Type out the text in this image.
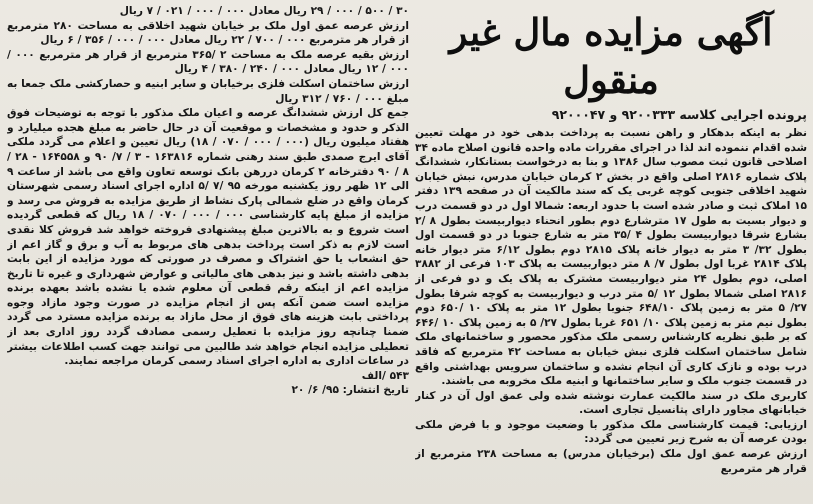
آگهی مزایده مال غیر منقول
پرونده اجرایی کلاسه ۹۲۰۰۳۳۳ و ۹۲۰۰۰۴۷
نظر به اینکه بدهکار و راهن نسبت به پرداخت بدهی خود در مهلت تعیین شده اقدام ننموده اند لذا در اجرای مقررات ماده واحده قانون اصلاح ماده ۳۴ اصلاحی قانون ثبت مصوب سال ۱۳۸۶ و بنا به درخواست بستانکار، ششدانگ پلاک شماره ۲۸۱۶ اصلی واقع در بخش ۲ کرمان خیابان مدرس، نبش خیابان شهید اخلاقی جنوبی کوچه غربی یک که سند مالکیت آن در صفحه ۱۳۹ دفتر ۱۵ املاک ثبت و صادر شده است با حدود اربعه: شمالا اول در دو قسمت درب و دیوار بسیت به طول ۱۷ مترشارع دوم بطور انحناء دیواربیست بطول ۸ /۲ بشارع شرقا دیواربیست بطول ۴ /۳۵ متر به شارع جنوبا در دو قسمت اول بطول ۳۲/ ۳ متر به دیوار خانه پلاک ۲۸۱۵ دوم بطول ۶/۱۲ متر دیوار خانه پلاک ۲۸۱۴ غربا اول بطول ۷/ ۸ متر دیواربیست به پلاک ۱۰۳ فرعی از ۳۸۸۲ اصلی، دوم بطول ۲۴ متر دیواربیست مشترک به پلاک یک و دو فرعی از ۲۸۱۶ اصلی شمالا بطول ۱۲ /۵ متر درب و دیواربیست به کوچه شرقا بطول ۲۷/ ۵ متر به زمین پلاک ۶۴۸/۱۰ جنوبا بطول ۱۲ متر به پلاک ۱۰ /۶۵۰ دوم بطول نیم متر به زمین پلاک ۱۰/ ۶۵۱ غربا بطول ۲۷/ ۵ به زمین پلاک ۱۰ /۶۴۶ که بر طبق نظریه کارشناس رسمی ملک مذکور محصور و ساختمانهای ملک شامل ساختمان اسکلت فلزی نبش خیابان به مساحت ۴۲ مترمربع که فاقد درب بوده و نازک کاری آن انجام نشده و ساختمان سرویس بهداشتی واقع در قسمت جنوب ملک و سایر ساختمانها و ابنیه ملک مخروبه می باشند.
کاربری ملک در سند مالکیت عمارت نوشته شده ولی عمق اول آن در کنار خیابانهای مجاور دارای پتانسیل تجاری است.
ارزیابی: قیمت کارشناسی ملک مذکور با وضعیت موجود و با فرض ملکی بودن عرصه آن به شرح زیر تعیین می گردد:
ارزش عرصه عمق اول ملک (برخیابان مدرس) به مساحت ۲۳۸ مترمربع از قرار هر مترمربع
۳۰ / ۵۰۰ / ۰۰۰ / ۲۹ ریال معادل ۰۰۰ / ۰۰۰ / ۰۲۱ / ۷ ریال
ارزش عرصه عمق اول ملک بر خیابان شهید اخلاقی به مساحت ۲۸۰ مترمربع از قرار هر مترمربع ۰۰۰ / ۷۰۰ / ۲۲ ریال معادل ۰۰۰ / ۰۰۰ / ۳۵۶ / ۶ ریال
ارزش بقیه عرصه ملک به مساحت ۲ /۳۶۵ مترمربع از قرار هر مترمربع ۰۰۰ / ۰۰۰ / ۱۲ ریال معادل ۰۰۰ / ۲۴۰ / ۳۸۰ / ۴ ریال
ارزش ساختمان اسکلت فلزی برخیابان و سایر ابنیه و حصارکشی ملک جمعا به مبلغ ۰۰۰ / ۷۶۰ / ۳۱۲ ریال
جمع کل ارزش ششدانگ عرصه و اعیان ملک مذکور با توجه به توضیحات فوق الذکر و حدود و مشخصات و موقعیت آن در حال حاضر به مبلغ هجده میلیارد و هفتاد میلیون ریال (۰۰۰ / ۰۰۰ / ۰۷۰ / ۱۸) ریال تعیین و اعلام می گردد ملکی آقای ایرج صمدی طبق سند رهنی شماره ۱۶۳۸۱۶ - ۳ / ۷/ ۹۰ و ۱۶۴۵۵۸ - ۲۸ / ۸ / ۹۰ دفترخانه ۲ کرمان دررهن بانک توسعه تعاون واقع می باشد از ساعت ۹ الی ۱۲ ظهر روز یکشنبه مورخه ۹۵ /۷ /۵ اداره اجرای اسناد رسمی شهرستان کرمان واقع در ضلع شمالی پارک نشاط از طریق مزایده به فروش می رسد و مزایده از مبلغ پایه کارشناسی ۰۰۰ / ۰۰۰ / ۰۷۰ / ۱۸ ریال که قطعی گردیده است شروع و به بالاترین مبلغ پیشنهادی فروخته خواهد شد فروش کلا نقدی است لازم به ذکر است پرداخت بدهی های مربوط به آب و برق و گاز اعم از حق انشعاب یا حق اشتراک و مصرف در صورتی که مورد مزایده از این بابت بدهی داشته باشد و نیز بدهی های مالیاتی و عوارض شهرداری و غیره تا تاریخ مزایده اعم از اینکه رقم قطعی آن معلوم شده یا نشده باشد بعهده برنده مزایده است ضمن آنکه پس از انجام مزایده در صورت وجود مازاد وجوه پرداختی بابت هزینه های فوق از محل مازاد به برنده مزایده مسترد می گردد ضمنا چنانچه روز مزایده با تعطیل رسمی مصادف گردد روز اداری بعد از تعطیلی مزایده انجام خواهد شد طالبین می توانند جهت کسب اطلاعات بیشتر در ساعات اداری به اداره اجرای اسناد رسمی کرمان مراجعه نمایند.
۵۴۳ /الف
تاریخ انتشار: ۹۵/ ۶/ ۲۰
